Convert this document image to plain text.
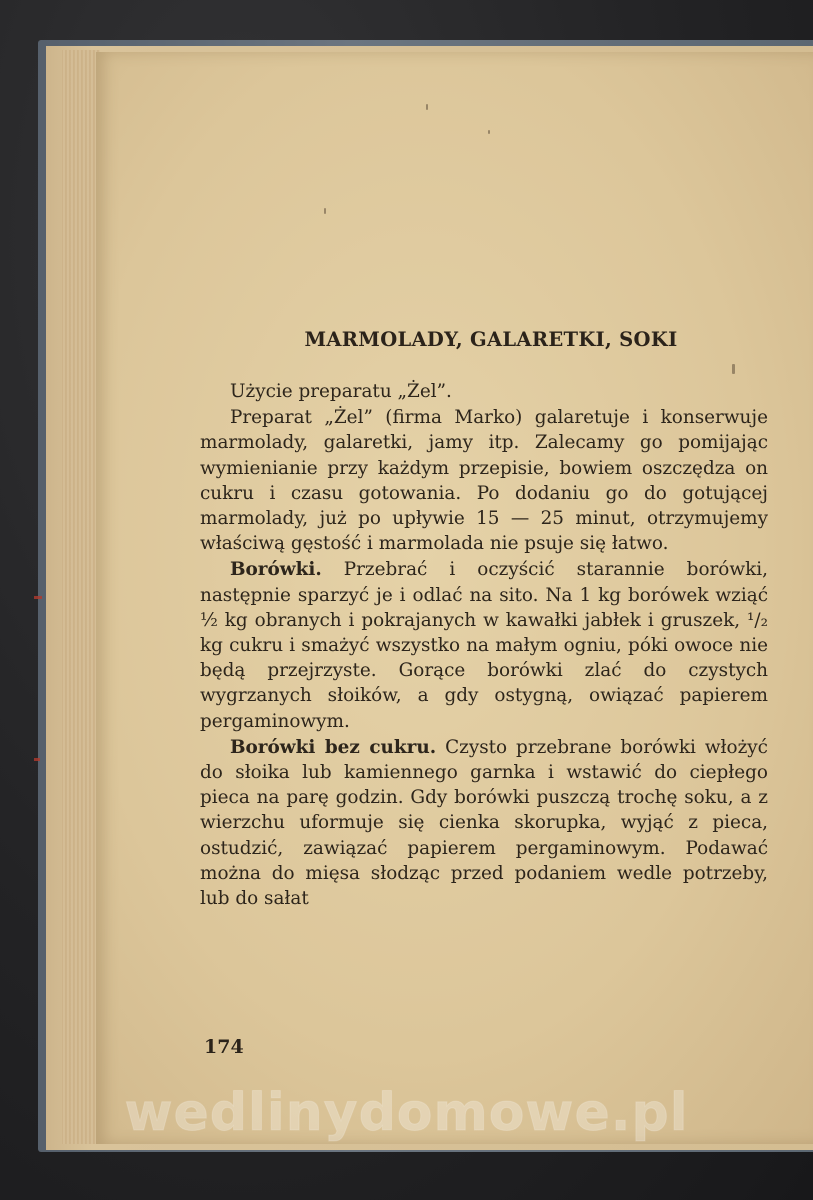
MARMOLADY, GALARETKI, SOKI

Użycie preparatu „Żel”.

Preparat „Żel” (firma Marko) galaretuje i konserwuje marmolady, galaretki, jamy itp. Zalecamy go pomijając wymienianie przy każdym przepisie, bowiem oszczędza on cukru i czasu gotowania. Po dodaniu go do gotującej marmolady, już po upływie 15 — 25 minut, otrzymujemy właściwą gęstość i marmolada nie psuje się łatwo.

Borówki. Przebrać i oczyścić starannie borówki, następnie sparzyć je i odlać na sito. Na 1 kg borówek wziąć ½ kg obranych i pokrajanych w kawałki jabłek i gruszek, ¹/₂ kg cukru i smażyć wszystko na małym ogniu, póki owoce nie będą przejrzyste. Gorące borówki zlać do czystych wygrzanych słoików, a gdy ostygną, owiązać papierem pergaminowym.

Borówki bez cukru. Czysto przebrane borówki włożyć do słoika lub kamiennego garnka i wstawić do ciepłego pieca na parę godzin. Gdy borówki puszczą trochę soku, a z wierzchu uformuje się cienka skorupka, wyjąć z pieca, ostudzić, zawiązać papierem pergaminowym. Podawać można do mięsa słodząc przed podaniem wedle potrzeby, lub do sałat

174

wedlinydomowe.pl
